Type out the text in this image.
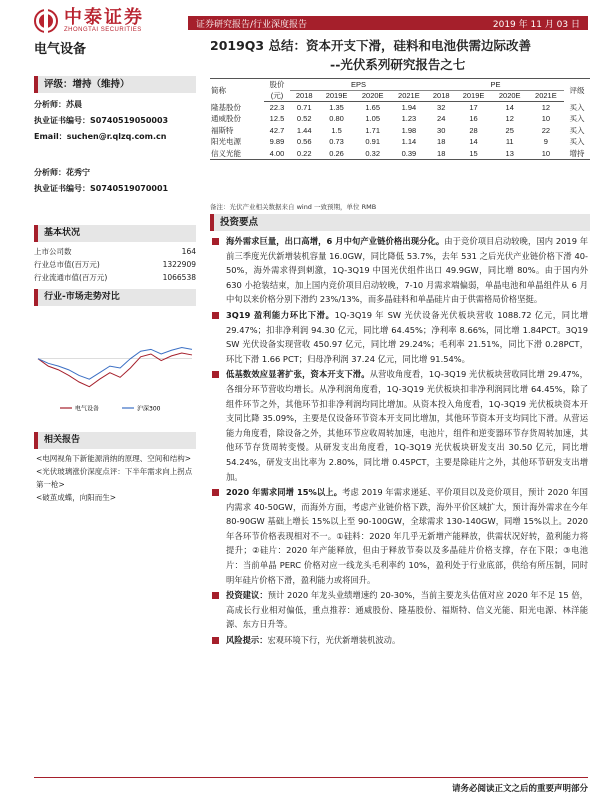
中泰证券
ZHONGTAI SECURITIES
证券研究报告/行业深度报告	2019 年 11 月 03 日
电气设备	2019Q3 总结：资本开支下滑，硅料和电池供需边际改善
--光伏系列研究报告之七
评级：增持（维持）
分析师：苏晨
执业证书编号：S0740519050003
Email：suchen@r.qlzq.com.cn
分析师：花秀宁
执业证书编号：S0740519070001
基本状况
上市公司数	164
行业总市值(百万元)	1322909
行业流通市值(百万元)	1066538
行业-市场走势对比
电气设备	沪深300
相关报告
< 电网视角下新能源消纳的原理、空间和结构>
< 光伏玻璃涨价深度点评：下半年需求向上拐点第一枪>
< 破茧成蝶，向阳而生>
简称	股价	EPS				PE				评级
	(元)	2018	2019E	2020E	2021E	2018	2019E	2020E	2021E	
隆基股份	22.3	0.71	1.35	1.65	1.94	32	17	14	12	买入
通威股份	12.5	0.52	0.80	1.05	1.23	24	16	12	10	买入
福斯特	42.7	1.44	1.5	1.71	1.98	30	28	25	22	买入
阳光电源	9.89	0.56	0.73	0.91	1.14	18	14	11	9	买入
信义光能	4.00	0.22	0.26	0.32	0.39	18	15	13	10	增持
备注：光伏产业相关数据来自 wind 一致预期，单位 RMB
投资要点
海外需求巨量，出口高增，6 月中旬产业链价格出现分化。由于竞价项目启动较晚，国内 2019 年前三季度光伏新增装机容量 16.0GW，同比降低 53.7%，去年 531 之后光伏产业链价格下滑 40-50%，海外需求得到刺激，1Q-3Q19 中国光伏组件出口 49.9GW，同比增 80%。由于国内外 630 小抢装结束，加上国内竞价项目启动较晚，7-10 月需求端偏弱，单晶电池和单晶组件从 6 月中旬以来价格分别下滑约 23%/13%，而多晶硅料和单晶硅片由于供需格局价格坚挺。
3Q19 盈利能力环比下滑。1Q-3Q19 年 SW 光伏设备光伏板块营收 1088.72 亿元，同比增 29.47%；扣非净利润 94.30 亿元，同比增 64.45%；净利率 8.66%，同比增 1.84PCT。3Q19 SW 光伏设备实现营收 450.97 亿元，同比增 29.24%；毛利率 21.51%，同比下滑 0.28PCT，环比下滑 1.66 PCT；归母净利润 37.24 亿元，同比增 91.54%。
低基数效应显著扩张，资本开支下滑。从营收角度看，1Q-3Q19 光伏板块营收同比增 29.47%，各细分环节营收均增长。从净利润角度看，1Q-3Q19 光伏板块扣非净利润同比增 64.45%，除了组件环节之外，其他环节扣非净利润均同比增加。从资本投入角度看，1Q-3Q19 光伏板块资本开支同比降 35.09%，主要是仅设备环节资本开支同比增加，其他环节资本开支均同比下滑。从营运能力角度看，除设备之外，其他环节应收周转加速，电池片，组件和逆变器环节存货周转加速，其他环节存货周转变慢。从研发支出角度看，1Q-3Q19 光伏板块研发支出 30.50 亿元，同比增 54.24%，研发支出比率为 2.80%，同比增 0.45PCT，主要是除硅片之外，其他环节研发支出增加。
2020 年需求同增 15%以上。考虑 2019 年需求递延、平价项目以及竞价项目，预计 2020 年国内需求 40-50GW，而海外方面，考虑产业链价格下跌，海外平价区域扩大，预计海外需求在今年 80-90GW 基础上增长 15%以上至 90-100GW，全球需求 130-140GW，同增 15%以上。2020 年各环节价格表现相对不一。①硅料：2020 年几乎无新增产能释放，供需状况好转，盈利能力将提升；②硅片：2020 年产能释放，但由于释放节奏以及多晶硅片价格支撑，存在下限；③电池片：当前单晶 PERC 价格对应一线龙头毛利率约 10%，盈利处于行业底部，供给有所压制，同时明年硅片价格下滑，盈利能力或将回升。
投资建议：预计 2020 年龙头业绩增速约 20-30%，当前主要龙头估值对应 2020 年不足 15 倍，高成长行业相对偏低，重点推荐：通威股份、隆基股份、福斯特、信义光能、阳光电源、林洋能源、东方日升等。
风险提示：宏观环境下行，光伏新增装机波动。
请务必阅读正文之后的重要声明部分
